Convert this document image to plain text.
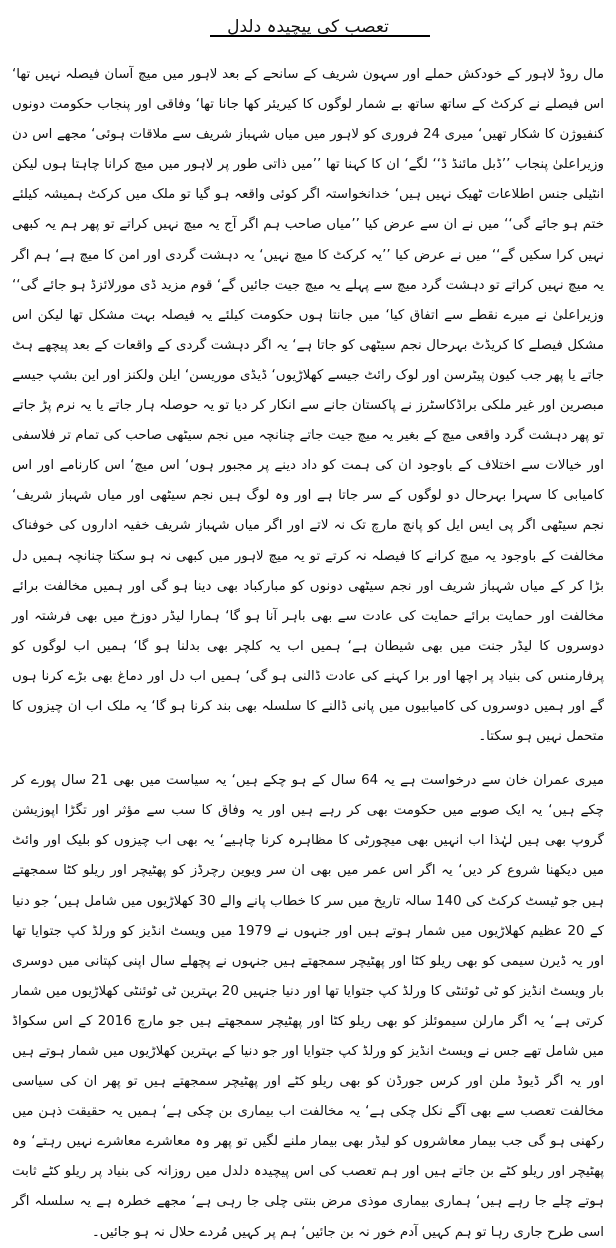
تعصب کی پیچیدہ دلدل

مال روڈ لاہور کے خودکش حملے اور سہون شریف کے سانحے کے بعد لاہور میں میچ آسان فیصلہ نہیں تھا‘ اس فیصلے نے کرکٹ کے ساتھ ساتھ بے شمار لوگوں کا کیریئر کھا جانا تھا‘ وفاقی اور پنجاب حکومت دونوں کنفیوژن کا شکار تھیں‘ میری 24 فروری کو لاہور میں میاں شہباز شریف سے ملاقات ہوئی‘ مجھے اس دن وزیراعلیٰ پنجاب ’’ڈبل مائنڈ ڈ‘‘ لگے‘ ان کا کہنا تھا ’’میں ذاتی طور پر لاہور میں میچ کرانا چاہتا ہوں لیکن انٹیلی جنس اطلاعات ٹھیک نہیں ہیں‘ خدانخواستہ اگر کوئی واقعہ ہو گیا تو ملک میں کرکٹ ہمیشہ کیلئے ختم ہو جائے گی‘‘ میں نے ان سے عرض کیا ’’میاں صاحب ہم اگر آج یہ میچ نہیں کراتے تو پھر ہم یہ کبھی نہیں کرا سکیں گے‘‘ میں نے عرض کیا ’’یہ کرکٹ کا میچ نہیں‘ یہ دہشت گردی اور امن کا میچ ہے‘ ہم اگر یہ میچ نہیں کراتے تو دہشت گرد میچ سے پہلے یہ میچ جیت جائیں گے‘ قوم مزید ڈی مورلائزڈ ہو جائے گی‘‘ وزیراعلیٰ نے میرے نقطے سے اتفاق کیا‘ میں جانتا ہوں حکومت کیلئے یہ فیصلہ بہت مشکل تھا لیکن اس مشکل فیصلے کا کریڈٹ بہرحال نجم سیٹھی کو جاتا ہے‘ یہ اگر دہشت گردی کے واقعات کے بعد پیچھے ہٹ جاتے یا پھر جب کیون پیٹرسن اور لوک رائٹ جیسے کھلاڑیوں‘ ڈیڈی موریسن‘ ایلن ولکنز اور این بشپ جیسے مبصرین اور غیر ملکی براڈکاسٹرز نے پاکستان جانے سے انکار کر دیا تو یہ حوصلہ ہار جاتے یا یہ نرم پڑ جاتے تو پھر دہشت گرد واقعی میچ کے بغیر یہ میچ جیت جاتے چنانچہ میں نجم سیٹھی صاحب کی تمام تر فلاسفی اور خیالات سے اختلاف کے باوجود ان کی ہمت کو داد دینے پر مجبور ہوں‘ اس میچ‘ اس کارنامے اور اس کامیابی کا سہرا بہرحال دو لوگوں کے سر جاتا ہے اور وہ لوگ ہیں نجم سیٹھی اور میاں شہباز شریف‘ نجم سیٹھی اگر پی ایس ایل کو پانچ مارچ تک نہ لاتے اور اگر میاں شہباز شریف خفیہ اداروں کی خوفناک مخالفت کے باوجود یہ میچ کرانے کا فیصلہ نہ کرتے تو یہ میچ لاہور میں کبھی نہ ہو سکتا چنانچہ ہمیں دل بڑا کر کے میاں شہباز شریف اور نجم سیٹھی دونوں کو مبارکباد بھی دینا ہو گی اور ہمیں مخالفت برائے مخالفت اور حمایت برائے حمایت کی عادت سے بھی باہر آنا ہو گا‘ ہمارا لیڈر دوزخ میں بھی فرشتہ اور دوسروں کا لیڈر جنت میں بھی شیطان ہے‘ ہمیں اب یہ کلچر بھی بدلنا ہو گا‘ ہمیں اب لوگوں کو پرفارمنس کی بنیاد پر اچھا اور برا کہنے کی عادت ڈالنی ہو گی‘ ہمیں اب دل اور دماغ بھی بڑے کرنا ہوں گے اور ہمیں دوسروں کی کامیابیوں میں پانی ڈالنے کا سلسلہ بھی بند کرنا ہو گا‘ یہ ملک اب ان چیزوں کا متحمل نہیں ہو سکتا۔

میری عمران خان سے درخواست ہے یہ 64 سال کے ہو چکے ہیں‘ یہ سیاست میں بھی 21 سال پورے کر چکے ہیں‘ یہ ایک صوبے میں حکومت بھی کر رہے ہیں اور یہ وفاق کا سب سے مؤثر اور تگڑا اپوزیشن گروپ بھی ہیں لہٰذا اب انہیں بھی میچورٹی کا مظاہرہ کرنا چاہیے‘ یہ بھی اب چیزوں کو بلیک اور وائٹ میں دیکھنا شروع کر دیں‘ یہ اگر اس عمر میں بھی ان سر ویوین رچرڈز کو پھٹیچر اور ریلو کٹا سمجھتے ہیں جو ٹیسٹ کرکٹ کی 140 سالہ تاریخ میں سر کا خطاب پانے والے 30 کھلاڑیوں میں شامل ہیں‘ جو دنیا کے 20 عظیم کھلاڑیوں میں شمار ہوتے ہیں اور جنہوں نے 1979 میں ویسٹ انڈیز کو ورلڈ کپ جتوایا تھا اور یہ ڈیرن سیمی کو بھی ریلو کٹا اور پھٹیچر سمجھتے ہیں جنہوں نے پچھلے سال اپنی کپتانی میں دوسری بار ویسٹ انڈیز کو ٹی ٹوئنٹی کا ورلڈ کپ جتوایا تھا اور دنیا جنہیں 20 بہترین ٹی ٹوئنٹی کھلاڑیوں میں شمار کرتی ہے‘ یہ اگر مارلن سیموئلز کو بھی ریلو کٹا اور پھٹیچر سمجھتے ہیں جو مارچ 2016 کے اس سکواڈ میں شامل تھے جس نے ویسٹ انڈیز کو ورلڈ کپ جتوایا اور جو دنیا کے بہترین کھلاڑیوں میں شمار ہوتے ہیں اور یہ اگر ڈیوڈ ملن اور کرس جورڈن کو بھی ریلو کٹے اور پھٹیچر سمجھتے ہیں تو پھر ان کی سیاسی مخالفت تعصب سے بھی آگے نکل چکی ہے‘ یہ مخالفت اب بیماری بن چکی ہے‘ ہمیں یہ حقیقت ذہن میں رکھنی ہو گی جب بیمار معاشروں کو لیڈر بھی بیمار ملنے لگیں تو پھر وہ معاشرے معاشرے نہیں رہتے‘ وہ پھٹیچر اور ریلو کٹے بن جاتے ہیں اور ہم تعصب کی اس پیچیدہ دلدل میں روزانہ کی بنیاد پر ریلو کٹے ثابت ہوتے چلے جا رہے ہیں‘ ہماری بیماری موذی مرض بنتی چلی جا رہی ہے‘ مجھے خطرہ ہے یہ سلسلہ اگر اسی طرح جاری رہا تو ہم کہیں آدم خور نہ بن جائیں‘ ہم پر کہیں مُردے حلال نہ ہو جائیں۔
